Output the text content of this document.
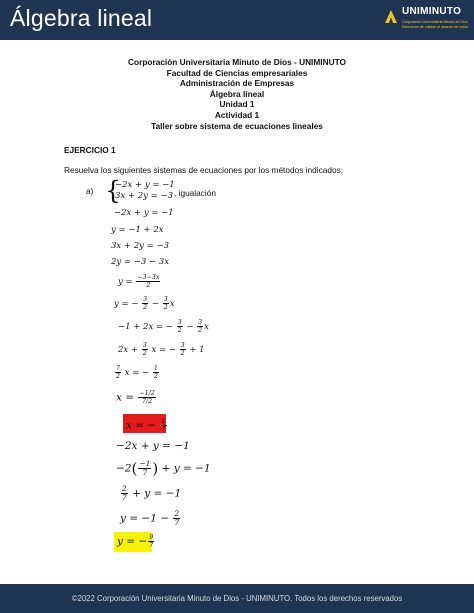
Álgebra lineal	UNIMINUTO
Corporación Universitaria Minuto de Dios
Educación de calidad al alcance de todos
Corporación Universitaria Minuto de Dios - UNIMINUTO
Facultad de Ciencias empresariales
Administración de Empresas
Álgebra lineal
Unidad 1
Actividad 1
Taller sobre sistema de ecuaciones lineales
EJERCICIO 1
Resuelva los siguientes sistemas de ecuaciones por los métodos indicados:
a) {
−2x + y = −1
3x + 2y = −3 , igualación
−2x + y = −1
y = −1 + 2x
3x + 2y = −3
2y = −3 − 3x
$y = \frac{-3-3x}{2}$
y = − $\frac{3}{2} - \frac{3}{2}$ x
−1 + 2x = − $\frac{3}{2} - \frac{3}{2}$ x
$2x + \frac{3}{2}$ x = − $\frac{3}{2} + 1$
$\frac{7}{2}$ x = − $\frac{1}{2}$
$x = \frac{-1/2}{7/2}$
x = − $\frac{1}{7}$
−2x + y = −1
$-2( \frac{-1}{7}$ ) + y = −1
$\frac{2}{7} + y = -1$
$y = -1 - \frac{2}{7}$
y = − $\frac{9}{7}$
©2022 Corporación Universitaria Minuto de Dios - UNIMINUTO. Todos los derechos reservados
